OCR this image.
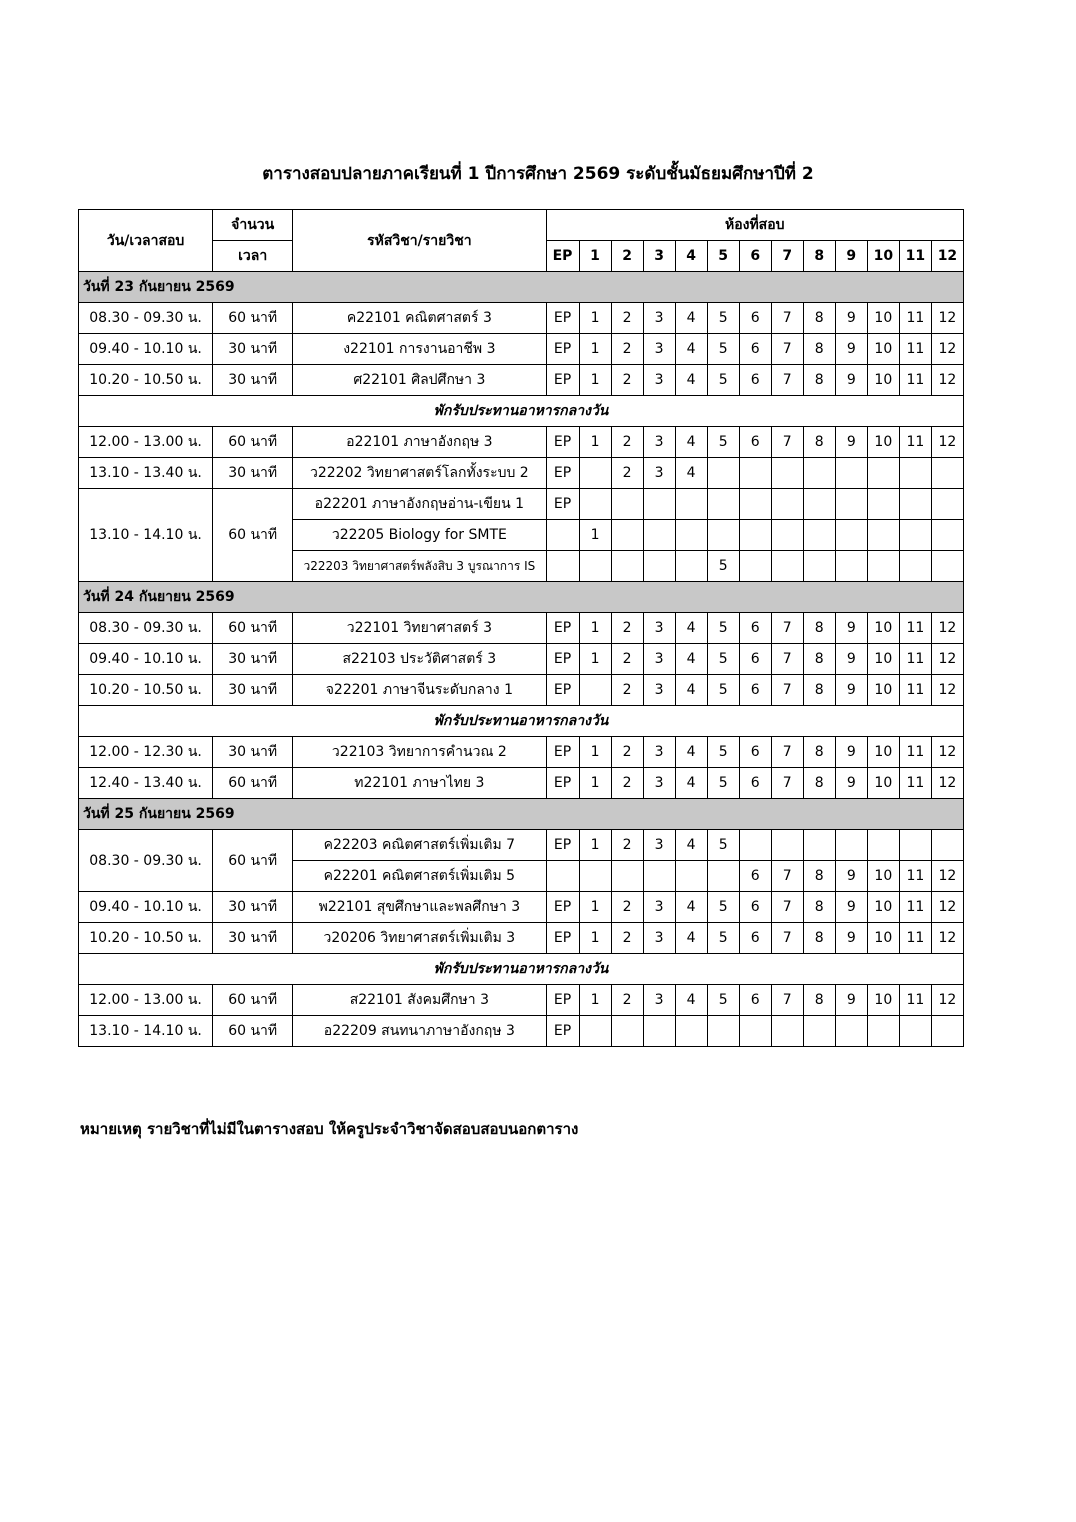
ตารางสอบปลายภาคเรียนที่ 1 ปีการศึกษา 2569 ระดับชั้นมัธยมศึกษาปีที่ 2
วัน/เวลาสอบ	จำนวน	รหัสวิชา/รายวิชา	ห้องที่สอบ												
	เวลา		EP	1	2	3	4	5	6	7	8	9	10	11	12
วันที่ 23 กันยายน 2569															
08.30 - 09.30 น.	60 นาที	ค22101 คณิตศาสตร์ 3	EP	1	2	3	4	5	6	7	8	9	10	11	12
09.40 - 10.10 น.	30 นาที	ง22101 การงานอาชีพ 3	EP	1	2	3	4	5	6	7	8	9	10	11	12
10.20 - 10.50 น.	30 นาที	ศ22101 ศิลปศึกษา 3	EP	1	2	3	4	5	6	7	8	9	10	11	12
พักรับประทานอาหารกลางวัน															
12.00 - 13.00 น.	60 นาที	อ22101 ภาษาอังกฤษ 3	EP	1	2	3	4	5	6	7	8	9	10	11	12
13.10 - 13.40 น.	30 นาที	ว22202 วิทยาศาสตร์โลกทั้งระบบ 2	EP		2	3	4								
13.10 - 14.10 น.	60 นาที	อ22201 ภาษาอังกฤษอ่าน-เขียน 1	EP												
		ว22205 Biology for SMTE		1											
		ว22203 วิทยาศาสตร์พลังสิบ 3 บูรณาการ IS						5							
วันที่ 24 กันยายน 2569															
08.30 - 09.30 น.	60 นาที	ว22101 วิทยาศาสตร์ 3	EP	1	2	3	4	5	6	7	8	9	10	11	12
09.40 - 10.10 น.	30 นาที	ส22103 ประวัติศาสตร์ 3	EP	1	2	3	4	5	6	7	8	9	10	11	12
10.20 - 10.50 น.	30 นาที	จ22201 ภาษาจีนระดับกลาง 1	EP		2	3	4	5	6	7	8	9	10	11	12
พักรับประทานอาหารกลางวัน															
12.00 - 12.30 น.	30 นาที	ว22103 วิทยาการคำนวณ 2	EP	1	2	3	4	5	6	7	8	9	10	11	12
12.40 - 13.40 น.	60 นาที	ท22101 ภาษาไทย 3	EP	1	2	3	4	5	6	7	8	9	10	11	12
วันที่ 25 กันยายน 2569															
08.30 - 09.30 น.	60 นาที	ค22203 คณิตศาสตร์เพิ่มเติม 7	EP	1	2	3	4	5							
		ค22201 คณิตศาสตร์เพิ่มเติม 5							6	7	8	9	10	11	12
09.40 - 10.10 น.	30 นาที	พ22101 สุขศึกษาและพลศึกษา 3	EP	1	2	3	4	5	6	7	8	9	10	11	12
10.20 - 10.50 น.	30 นาที	ว20206 วิทยาศาสตร์เพิ่มเติม 3	EP	1	2	3	4	5	6	7	8	9	10	11	12
พักรับประทานอาหารกลางวัน															
12.00 - 13.00 น.	60 นาที	ส22101 สังคมศึกษา 3	EP	1	2	3	4	5	6	7	8	9	10	11	12
13.10 - 14.10 น.	60 นาที	อ22209 สนทนาภาษาอังกฤษ 3	EP												
หมายเหตุ รายวิชาที่ไม่มีในตารางสอบ ให้ครูประจำวิชาจัดสอบสอบนอกตาราง
